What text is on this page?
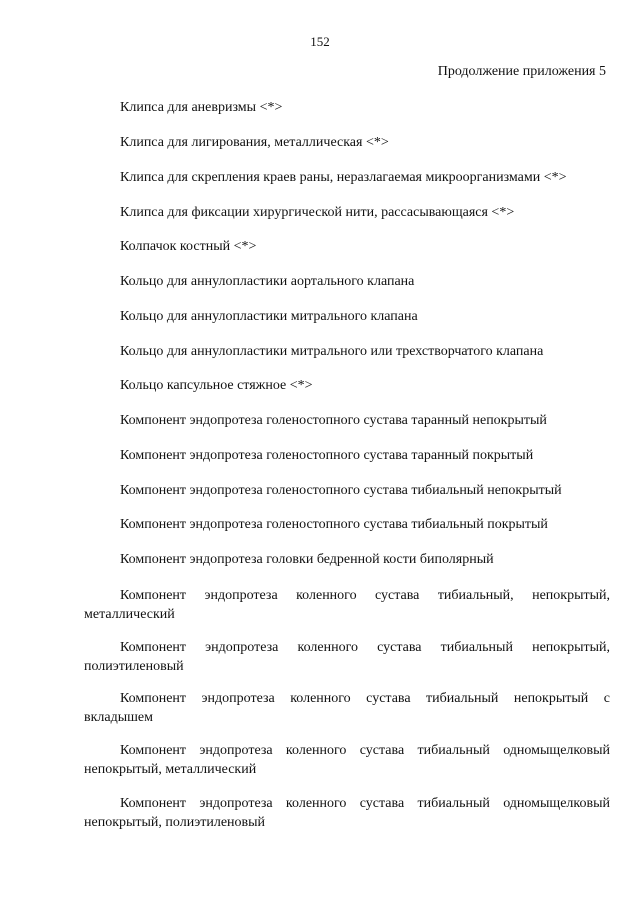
152
Продолжение приложения 5
Клипса для аневризмы <*>
Клипса для лигирования, металлическая <*>
Клипса для скрепления краев раны, неразлагаемая микроорганизмами <*>
Клипса для фиксации хирургической нити, рассасывающаяся <*>
Колпачок костный <*>
Кольцо для аннулопластики аортального клапана
Кольцо для аннулопластики митрального клапана
Кольцо для аннулопластики митрального или трехстворчатого клапана
Кольцо капсульное стяжное <*>
Компонент эндопротеза голеностопного сустава таранный непокрытый
Компонент эндопротеза голеностопного сустава таранный покрытый
Компонент эндопротеза голеностопного сустава тибиальный непокрытый
Компонент эндопротеза голеностопного сустава тибиальный покрытый
Компонент эндопротеза головки бедренной кости биполярный
Компонент эндопротеза коленного сустава тибиальный, непокрытый, металлический
Компонент эндопротеза коленного сустава тибиальный непокрытый, полиэтиленовый
Компонент эндопротеза коленного сустава тибиальный непокрытый с вкладышем
Компонент эндопротеза коленного сустава тибиальный одномыщелковый непокрытый, металлический
Компонент эндопротеза коленного сустава тибиальный одномыщелковый непокрытый, полиэтиленовый
